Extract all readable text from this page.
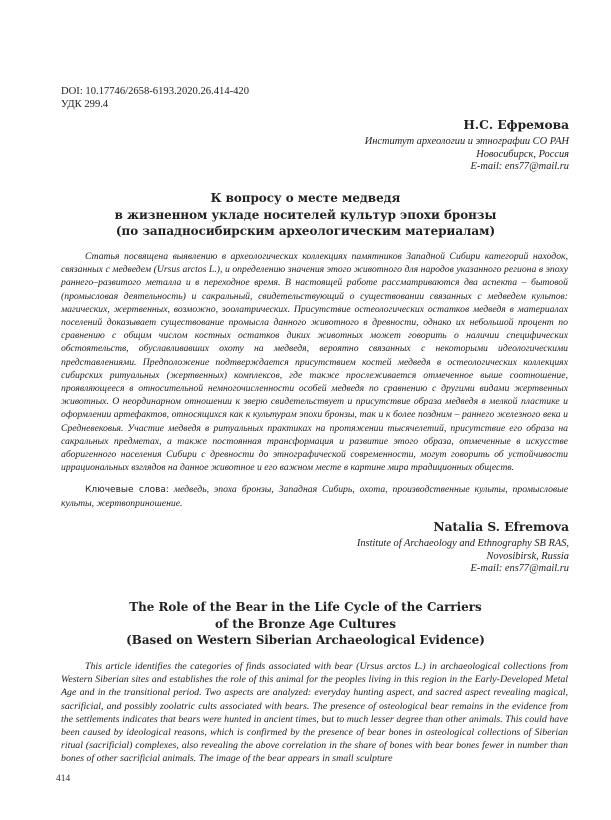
DOI: 10.17746/2658-6193.2020.26.414-420
УДК 299.4
Н.С. Ефремова
Институт археологии и этнографии СО РАН
Новосибирск, Россия
E-mail: ens77@mail.ru
К вопросу о месте медведя
в жизненном укладе носителей культур эпохи бронзы
(по западносибирским археологическим материалам)

Статья посвящена выявлению в археологических коллекциях памятников Западной Сибири категорий находок, связанных с медведем (Ursus arctos L.), и определению значения этого животного для народов указанного региона в эпоху раннего–развитого металла и в переходное время. В настоящей работе рассматриваются два аспекта – бытовой (промысловая деятельность) и сакральный, свидетельствующий о существовании связанных с медведем культов: магических, жертвенных, возможно, зоолатрических. Присутствие остеологических остатков медведя в материалах поселений доказывает существование промысла данного животного в древности, однако их небольшой процент по сравнению с общим числом костных остатков диких животных может говорить о наличии специфических обстоятельств, обуславливавших охоту на медведя, вероятно связанных с некоторыми идеологическими представлениями. Предположение подтверждается присутствием костей медведя в остеологических коллекциях сибирских ритуальных (жертвенных) комплексов, где также прослеживается отмеченное выше соотношение, проявляющееся в относительной немногочисленности особей медведя по сравнению с другими видами жертвенных животных. О неординарном отношении к зверю свидетельствует и присутствие образа медведя в мелкой пластике и оформлении артефактов, относящихся как к культурам эпохи бронзы, так и к более поздним – раннего железного века и Средневековья. Участие медведя в ритуальных практиках на протяжении тысячелетий, присутствие его образа на сакральных предметах, а также постоянная трансформация и развитие этого образа, отмеченные в искусстве аборигенного населения Сибири с древности до этнографической современности, могут говорить об устойчивости иррациональных взглядов на данное животное и его важном месте в картине мира традиционных обществ.

Ключевые слова: медведь, эпоха бронзы, Западная Сибирь, охота, производственные культы, промысловые культы, жертвоприношение.
Natalia S. Efremova
Institute of Archaeology and Ethnography SB RAS,
Novosibirsk, Russia
E-mail: ens77@mail.ru
The Role of the Bear in the Life Cycle of the Carriers
of the Bronze Age Cultures
(Based on Western Siberian Archaeological Evidence)

This article identifies the categories of finds associated with bear (Ursus arctos L.) in archaeological collections from Western Siberian sites and establishes the role of this animal for the peoples living in this region in the Early-Developed Metal Age and in the transitional period. Two aspects are analyzed: everyday hunting aspect, and sacred aspect revealing magical, sacrificial, and possibly zoolatric cults associated with bears. The presence of osteological bear remains in the evidence from the settlements indicates that bears were hunted in ancient times, but to much lesser degree than other animals. This could have been caused by ideological reasons, which is confirmed by the presence of bear bones in osteological collections of Siberian ritual (sacrificial) complexes, also revealing the above correlation in the share of bones with bear bones fewer in number than bones of other sacrificial animals. The image of the bear appears in small sculpture

414
